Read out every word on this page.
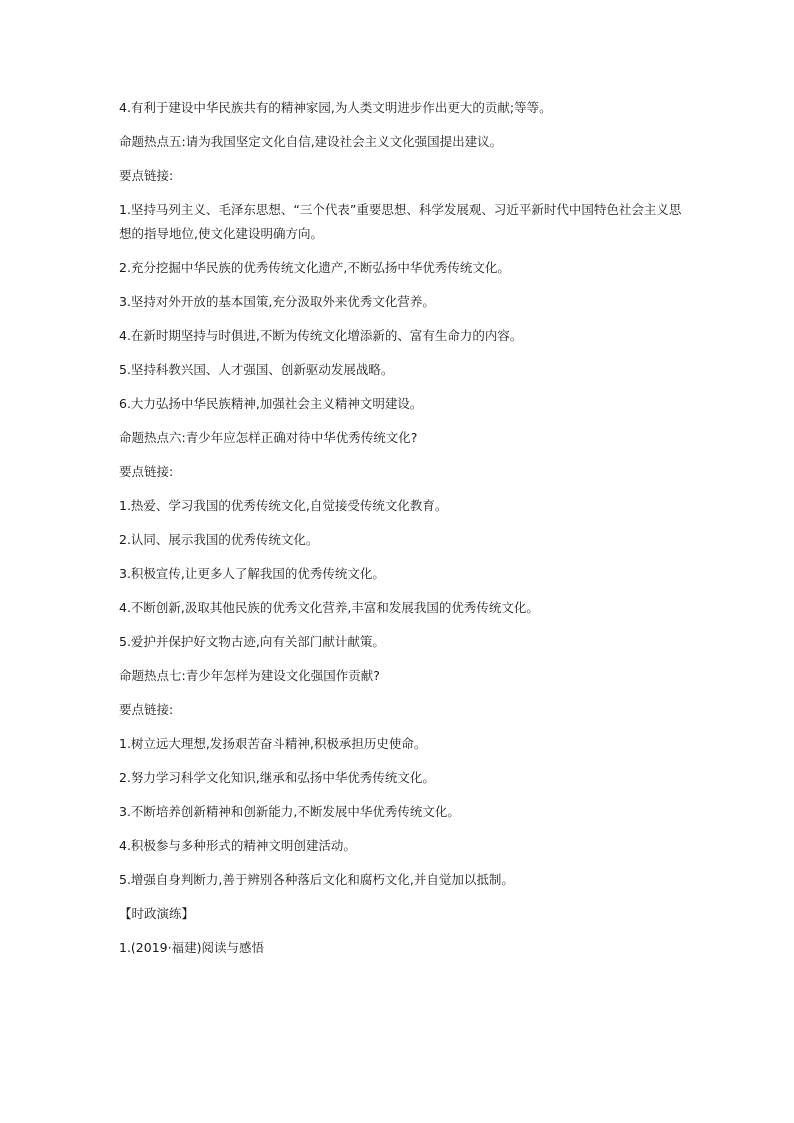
4.有利于建设中华民族共有的精神家园,为人类文明进步作出更大的贡献;等等。

命题热点五:请为我国坚定文化自信,建设社会主义文化强国提出建议。

要点链接:

1.坚持马列主义、毛泽东思想、“三个代表”重要思想、科学发展观、习近平新时代中国特色社会主义思想的指导地位,使文化建设明确方向。

2.充分挖掘中华民族的优秀传统文化遗产,不断弘扬中华优秀传统文化。

3.坚持对外开放的基本国策,充分汲取外来优秀文化营养。

4.在新时期坚持与时俱进,不断为传统文化增添新的、富有生命力的内容。

5.坚持科教兴国、人才强国、创新驱动发展战略。

6.大力弘扬中华民族精神,加强社会主义精神文明建设。

命题热点六:青少年应怎样正确对待中华优秀传统文化?

要点链接:

1.热爱、学习我国的优秀传统文化,自觉接受传统文化教育。

2.认同、展示我国的优秀传统文化。

3.积极宣传,让更多人了解我国的优秀传统文化。

4.不断创新,汲取其他民族的优秀文化营养,丰富和发展我国的优秀传统文化。

5.爱护并保护好文物古迹,向有关部门献计献策。

命题热点七:青少年怎样为建设文化强国作贡献?

要点链接:

1.树立远大理想,发扬艰苦奋斗精神,积极承担历史使命。

2.努力学习科学文化知识,继承和弘扬中华优秀传统文化。

3.不断培养创新精神和创新能力,不断发展中华优秀传统文化。

4.积极参与多种形式的精神文明创建活动。

5.增强自身判断力,善于辨别各种落后文化和腐朽文化,并自觉加以抵制。

【时政演练】

1.(2019·福建)阅读与感悟
